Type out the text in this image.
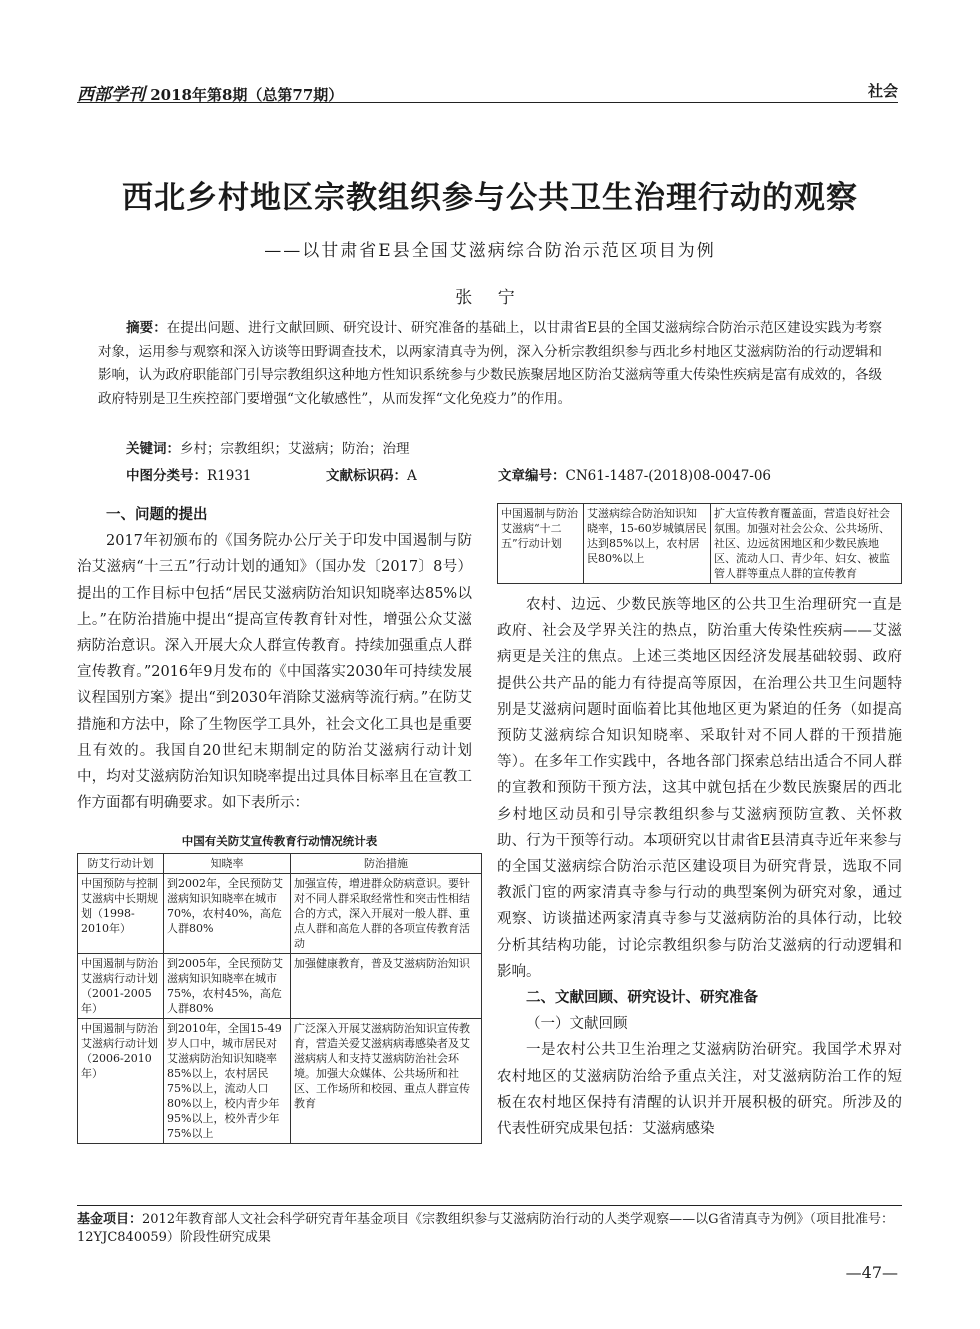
西部学刊 2018年第8期（总第77期）	社会
西北乡村地区宗教组织参与公共卫生治理行动的观察
——以甘肃省E县全国艾滋病综合防治示范区项目为例
张 宁
摘要：在提出问题、进行文献回顾、研究设计、研究准备的基础上，以甘肃省E县的全国艾滋病综合防治示范区建设实践为考察对象，运用参与观察和深入访谈等田野调查技术，以两家清真寺为例，深入分析宗教组织参与西北乡村地区艾滋病防治的行动逻辑和影响，认为政府职能部门引导宗教组织这种地方性知识系统参与少数民族聚居地区防治艾滋病等重大传染性疾病是富有成效的，各级政府特别是卫生疾控部门要增强“文化敏感性”，从而发挥“文化免疫力”的作用。
关键词：乡村；宗教组织；艾滋病；防治；治理
中图分类号：R1931	文献标识码：A	文章编号：CN61-1487-(2018)08-0047-06
一、问题的提出

2017年初颁布的《国务院办公厅关于印发中国遏制与防治艾滋病“十三五”行动计划的通知》（国办发〔2017〕8号）提出的工作目标中包括“居民艾滋病防治知识知晓率达85%以上。”在防治措施中提出“提高宣传教育针对性，增强公众艾滋病防治意识。深入开展大众人群宣传教育。持续加强重点人群宣传教育。”2016年9月发布的《中国落实2030年可持续发展议程国别方案》提出“到2030年消除艾滋病等流行病。”在防艾措施和方法中，除了生物医学工具外，社会文化工具也是重要且有效的。我国自20世纪末期制定的防治艾滋病行动计划中，均对艾滋病防治知识知晓率提出过具体目标率且在宣教工作方面都有明确要求。如下表所示：

中国有关防艾宣传教育行动情况统计表
防艾行动计划	知晓率	防治措施
中国预防与控制艾滋病中长期规划（1998-2010年）	到2002年，全民预防艾滋病知识知晓率在城市70%，农村40%，高危人群80%	加强宣传，增进群众防病意识。要针对不同人群采取经常性和突击性相结合的方式，深入开展对一般人群、重点人群和高危人群的各项宣传教育活动
中国遏制与防治艾滋病行动计划（2001-2005年）	到2005年，全民预防艾滋病知识知晓率在城市75%，农村45%，高危人群80%	加强健康教育，普及艾滋病防治知识
中国遏制与防治艾滋病行动计划（2006-2010年）	到2010年，全国15-49岁人口中，城市居民对艾滋病防治知识知晓率85%以上，农村居民75%以上，流动人口80%以上，校内青少年95%以上，校外青少年75%以上	广泛深入开展艾滋病防治知识宣传教育，营造关爱艾滋病病毒感染者及艾滋病病人和支持艾滋病防治社会环境。加强大众媒体、公共场所和社区、工作场所和校园、重点人群宣传教育
中国遏制与防治艾滋病“十二五”行动计划	艾滋病综合防治知识知晓率，15-60岁城镇居民达到85%以上，农村居民80%以上	扩大宣传教育覆盖面，营造良好社会氛围。加强对社会公众、公共场所、社区、边远贫困地区和少数民族地区、流动人口、青少年、妇女、被监管人群等重点人群的宣传教育

农村、边远、少数民族等地区的公共卫生治理研究一直是政府、社会及学界关注的热点，防治重大传染性疾病——艾滋病更是关注的焦点。上述三类地区因经济发展基础较弱、政府提供公共产品的能力有待提高等原因，在治理公共卫生问题特别是艾滋病问题时面临着比其他地区更为紧迫的任务（如提高预防艾滋病综合知识知晓率、采取针对不同人群的干预措施等）。在多年工作实践中，各地各部门探索总结出适合不同人群的宣教和预防干预方法，这其中就包括在少数民族聚居的西北乡村地区动员和引导宗教组织参与艾滋病预防宣教、关怀救助、行为干预等行动。本项研究以甘肃省E县清真寺近年来参与的全国艾滋病综合防治示范区建设项目为研究背景，选取不同教派门宦的两家清真寺参与行动的典型案例为研究对象，通过观察、访谈描述两家清真寺参与艾滋病防治的具体行动，比较分析其结构功能，讨论宗教组织参与防治艾滋病的行动逻辑和影响。

二、文献回顾、研究设计、研究准备
（一）文献回顾

一是农村公共卫生治理之艾滋病防治研究。我国学术界对农村地区的艾滋病防治给予重点关注，对艾滋病防治工作的短板在农村地区保持有清醒的认识并开展积极的研究。所涉及的代表性研究成果包括：艾滋病感染

基金项目：2012年教育部人文社会科学研究青年基金项目《宗教组织参与艾滋病防治行动的人类学观察——以G省清真寺为例》（项目批准号：12YJC840059）阶段性研究成果
—47—
